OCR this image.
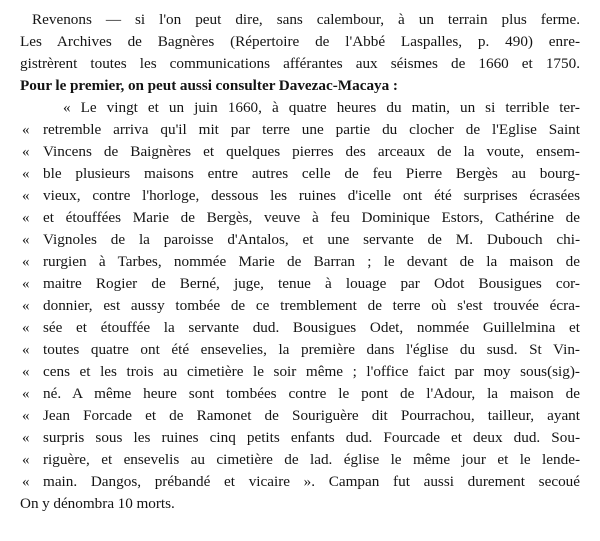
Revenons — si l'on peut dire, sans calembour, à un terrain plus ferme.
Les Archives de Bagnères (Répertoire de l'Abbé Laspalles, p. 490) enre-
gistrèrent toutes les communications afférantes aux séismes de 1660 et 1750.
Pour le premier, on peut aussi consulter Davezac-Macaya :
« Le vingt et un juin 1660, à quatre heures du matin, un si terrible ter-
« retremble arriva qu'il mit par terre une partie du clocher de l'Eglise Saint
« Vincens de Baignères et quelques pierres des arceaux de la voute, ensem-
« ble plusieurs maisons entre autres celle de feu Pierre Bergès au bourg-
« vieux, contre l'horloge, dessous les ruines d'icelle ont été surprises écrasées
« et étouffées Marie de Bergès, veuve à feu Dominique Estors, Cathérine de
« Vignoles de la paroisse d'Antalos, et une servante de M. Dubouch chi-
« rurgien à Tarbes, nommée Marie de Barran ; le devant de la maison de
« maitre Rogier de Berné, juge, tenue à louage par Odot Bousigues cor-
« donnier, est aussy tombée de ce tremblement de terre où s'est trouvée écra-
« sée et étouffée la servante dud. Bousigues Odet, nommée Guillelmina et
« toutes quatre ont été ensevelies, la première dans l'église du susd. St Vin-
« cens et les trois au cimetière le soir même ; l'office faict par moy sous(sig)-
« né. A même heure sont tombées contre le pont de l'Adour, la maison de
« Jean Forcade et de Ramonet de Souriguère dit Pourrachou, tailleur, ayant
« surpris sous les ruines cinq petits enfants dud. Fourcade et deux dud. Sou-
« riguère, et ensevelis au cimetière de lad. église le même jour et le lende-
« main. Dangos, prébandé et vicaire ». Campan fut aussi durement secoué
On y dénombra 10 morts.
